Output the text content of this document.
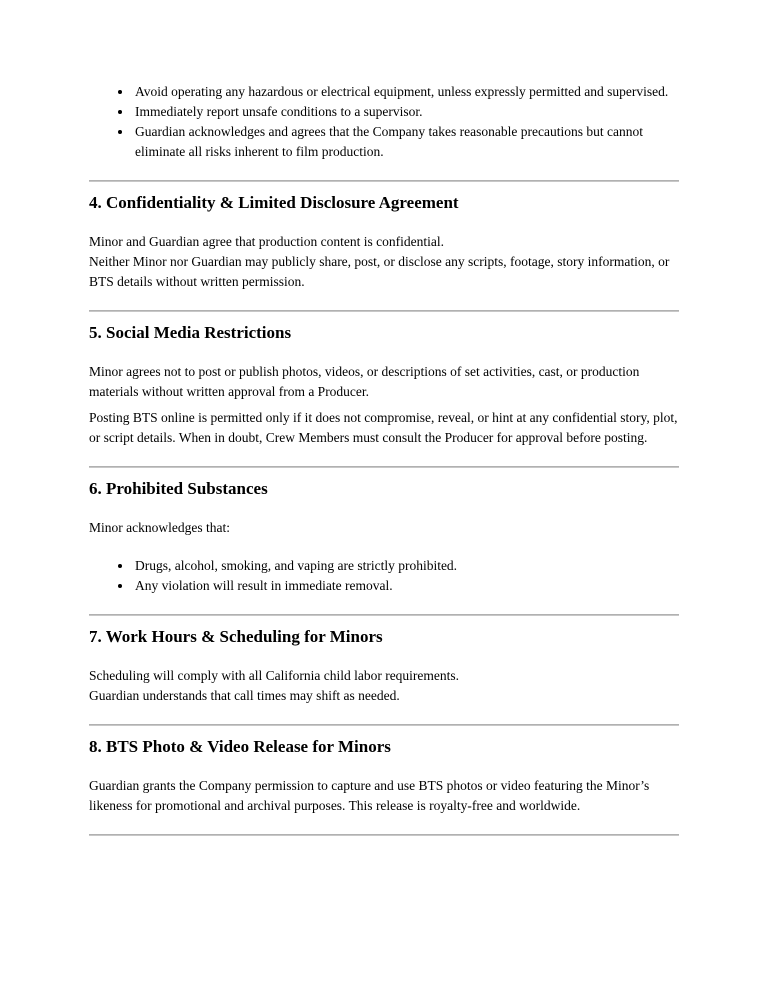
• Avoid operating any hazardous or electrical equipment, unless expressly permitted and supervised.
• Immediately report unsafe conditions to a supervisor.
• Guardian acknowledges and agrees that the Company takes reasonable precautions but cannot eliminate all risks inherent to film production.
4. Confidentiality & Limited Disclosure Agreement

Minor and Guardian agree that production content is confidential.
Neither Minor nor Guardian may publicly share, post, or disclose any scripts, footage, story information, or BTS details without written permission.

5. Social Media Restrictions

Minor agrees not to post or publish photos, videos, or descriptions of set activities, cast, or production materials without written approval from a Producer.

Posting BTS online is permitted only if it does not compromise, reveal, or hint at any confidential story, plot, or script details. When in doubt, Crew Members must consult the Producer for approval before posting.

6. Prohibited Substances

Minor acknowledges that:

• Drugs, alcohol, smoking, and vaping are strictly prohibited.
• Any violation will result in immediate removal.
7. Work Hours & Scheduling for Minors

Scheduling will comply with all California child labor requirements.
Guardian understands that call times may shift as needed.

8. BTS Photo & Video Release for Minors

Guardian grants the Company permission to capture and use BTS photos or video featuring the Minor’s likeness for promotional and archival purposes. This release is royalty-free and worldwide.
